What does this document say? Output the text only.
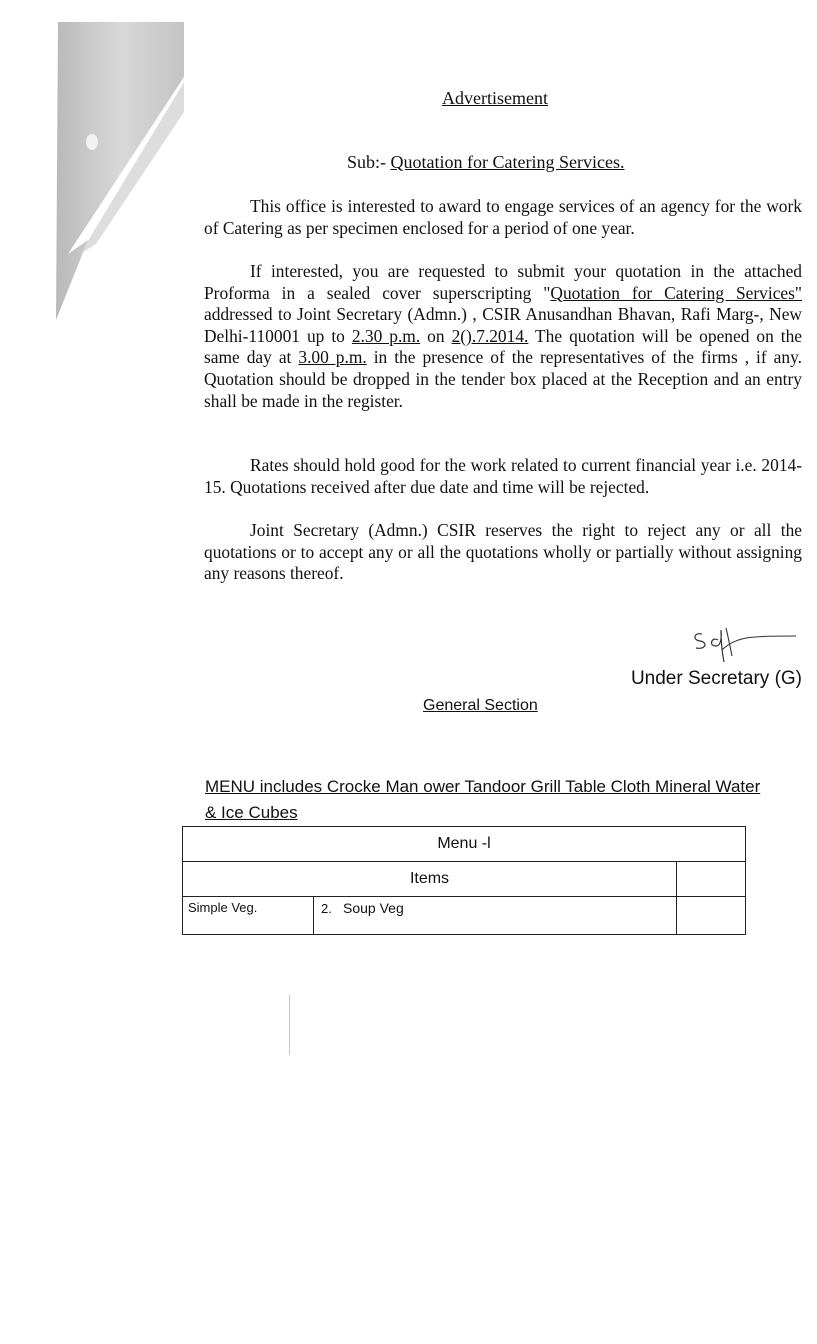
Advertisement
Sub:- Quotation for Catering Services.

This office is interested to award to engage services of an agency for the work of Catering as per specimen enclosed for a period of one year.

If interested, you are requested to submit your quotation in the attached Proforma in a sealed cover superscripting "Quotation for Catering Services" addressed to Joint Secretary (Admn.) , CSIR Anusandhan Bhavan, Rafi Marg-, New Delhi-110001 up to 2.30 p.m. on 2().7.2014. The quotation will be opened on the same day at 3.00 p.m. in the presence of the representatives of the firms , if any. Quotation should be dropped in the tender box placed at the Reception and an entry shall be made in the register.

Rates should hold good for the work related to current financial year i.e. 2014-15. Quotations received after due date and time will be rejected.

Joint Secretary (Admn.) CSIR reserves the right to reject any or all the quotations or to accept any or all the quotations wholly or partially without assigning any reasons thereof.

Under Secretary (G)
General Section
MENU includes Crocke Man ower Tandoor Grill Table Cloth Mineral Water & Ice Cubes
Menu -l		
Items		
Simple Veg.	2. Soup Veg	
